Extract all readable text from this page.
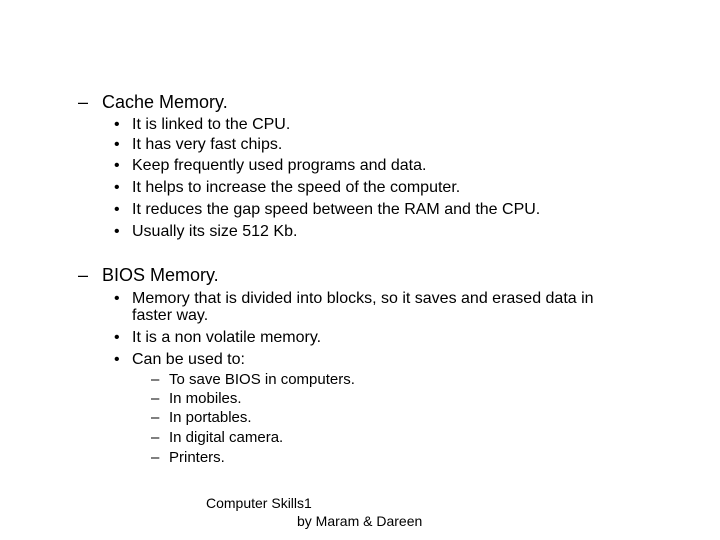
– Cache Memory.
• It is linked to the CPU.
• It has very fast chips.
• Keep frequently used programs and data.
• It helps to increase the speed of the computer.
• It reduces the gap speed between the RAM and the CPU.
• Usually its size 512 Kb.
– BIOS Memory.
• Memory that is divided into blocks, so it saves and erased data in
faster way.
• It is a non volatile memory.
• Can be used to:
– To save BIOS in computers.
– In mobiles.
– In portables.
– In digital camera.
– Printers.
Computer Skills1
by Maram & Dareen
